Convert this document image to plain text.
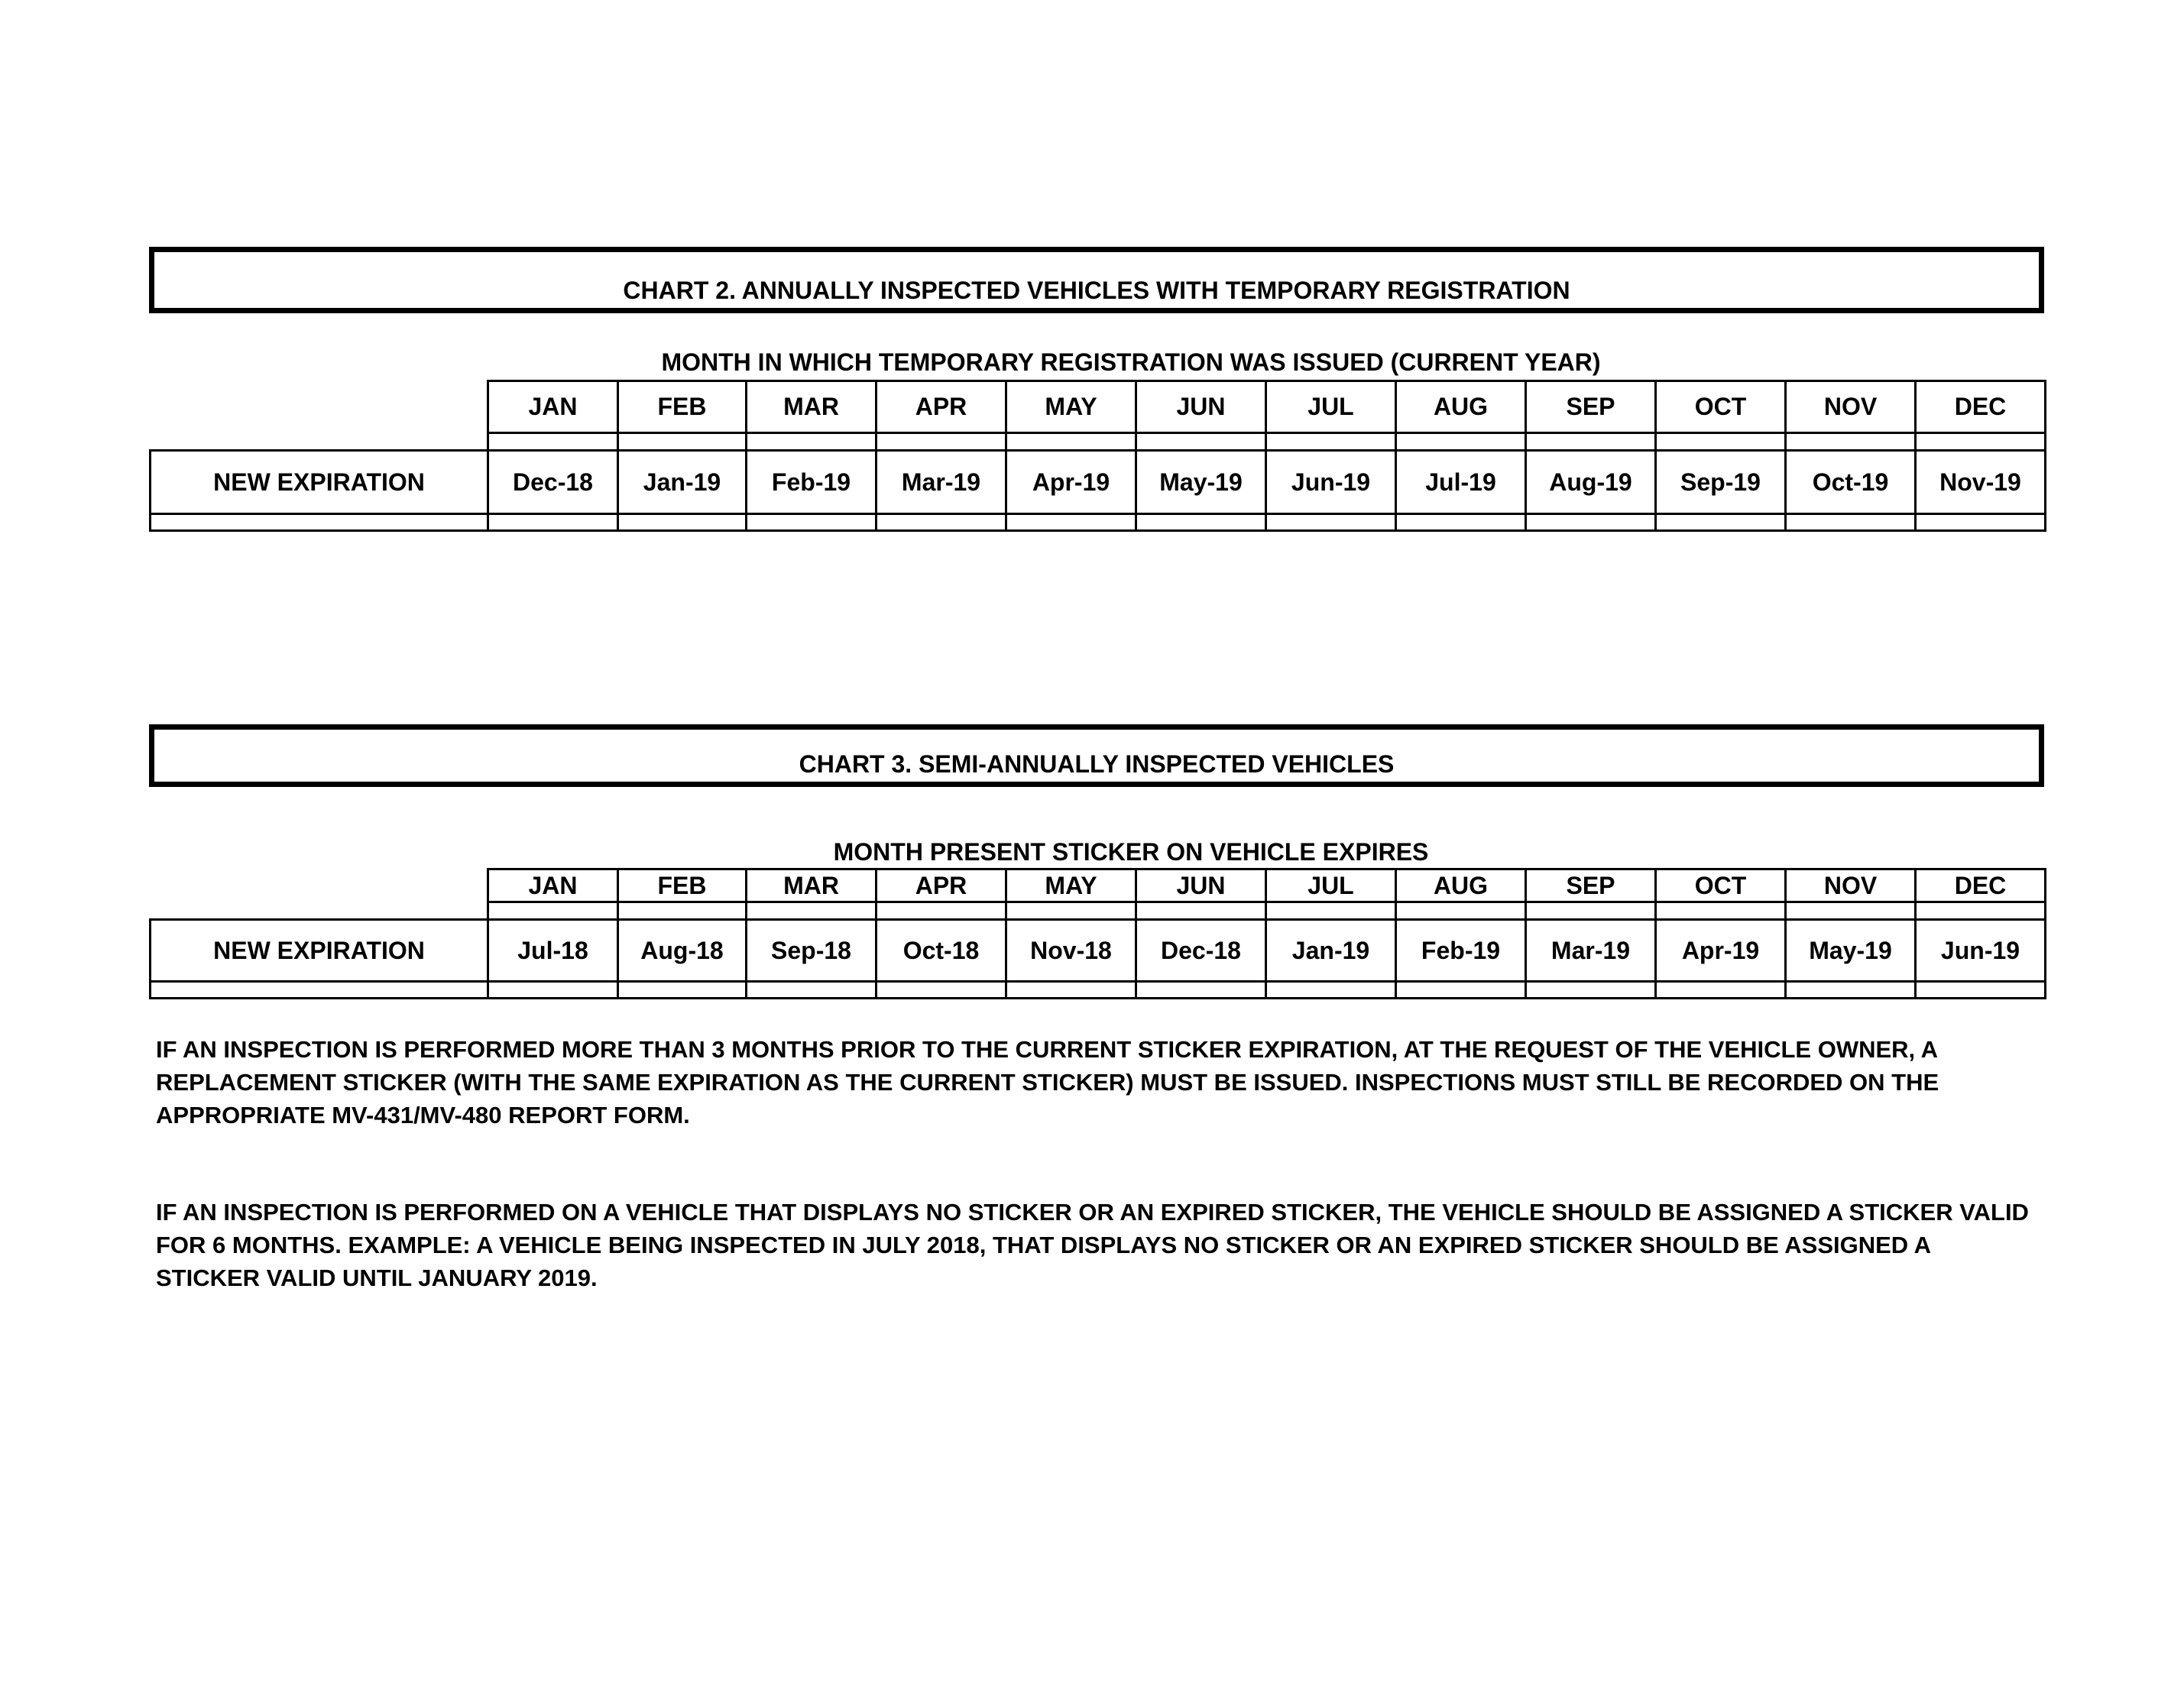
CHART 2. ANNUALLY INSPECTED VEHICLES WITH TEMPORARY REGISTRATION
MONTH IN WHICH TEMPORARY REGISTRATION WAS ISSUED (CURRENT YEAR)
	JAN	FEB	MAR	APR	MAY	JUN	JUL	AUG	SEP	OCT	NOV	DEC

NEW EXPIRATION	Dec-18	Jan-19	Feb-19	Mar-19	Apr-19	May-19	Jun-19	Jul-19	Aug-19	Sep-19	Oct-19	Nov-19

CHART 3. SEMI-ANNUALLY INSPECTED VEHICLES
MONTH PRESENT STICKER ON VEHICLE EXPIRES
	JAN	FEB	MAR	APR	MAY	JUN	JUL	AUG	SEP	OCT	NOV	DEC

NEW EXPIRATION	Jul-18	Aug-18	Sep-18	Oct-18	Nov-18	Dec-18	Jan-19	Feb-19	Mar-19	Apr-19	May-19	Jun-19

IF AN INSPECTION IS PERFORMED MORE THAN 3 MONTHS PRIOR TO THE CURRENT STICKER EXPIRATION, AT THE REQUEST OF THE VEHICLE OWNER, A REPLACEMENT STICKER (WITH THE SAME EXPIRATION AS THE CURRENT STICKER) MUST BE ISSUED. INSPECTIONS MUST STILL BE RECORDED ON THE APPROPRIATE MV-431/MV-480 REPORT FORM.
IF AN INSPECTION IS PERFORMED ON A VEHICLE THAT DISPLAYS NO STICKER OR AN EXPIRED STICKER, THE VEHICLE SHOULD BE ASSIGNED A STICKER VALID FOR 6 MONTHS. EXAMPLE: A VEHICLE BEING INSPECTED IN JULY 2018, THAT DISPLAYS NO STICKER OR AN EXPIRED STICKER SHOULD BE ASSIGNED A STICKER VALID UNTIL JANUARY 2019.
